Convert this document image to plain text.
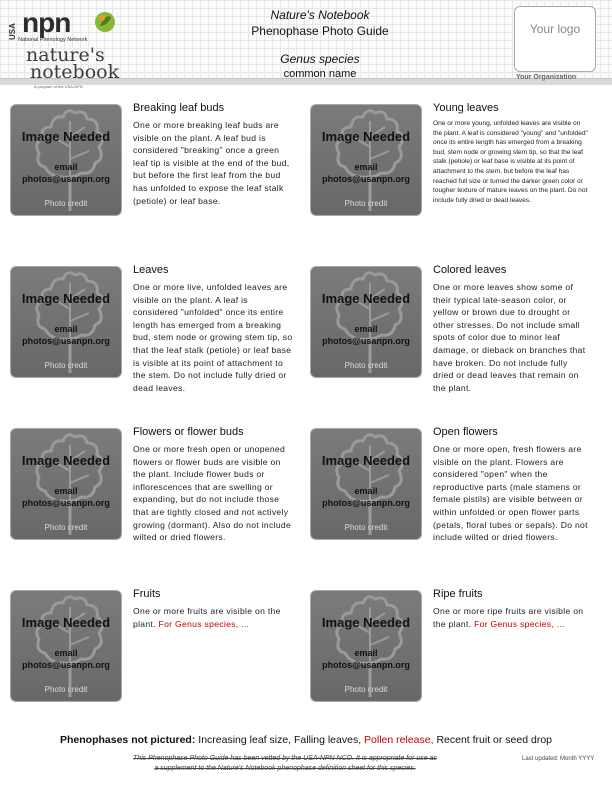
USA npn
National Phenology Network
nature's
notebook
A program of the USA-NPN
Nature's Notebook
Phenophase Photo Guide
Genus species
common name
Your logo
Your Organization
Image Needed
email
photos@usanpn.org
Photo credit
Breaking leaf buds
One or more breaking leaf buds are visible on the plant. A leaf bud is considered "breaking" once a green leaf tip is visible at the end of the bud, but before the first leaf from the bud has unfolded to expose the leaf stalk (petiole) or leaf base.
Image Needed
email
photos@usanpn.org
Photo credit
Young leaves
One or more young, unfolded leaves are visible on the plant. A leaf is considered "young" and "unfolded" once its entire length has emerged from a breaking bud, stem node or growing stem tip, so that the leaf stalk (petiole) or leaf base is visible at its point of attachment to the stem, but before the leaf has reached full size or turned the darker green color or tougher texture of mature leaves on the plant. Do not include fully dried or dead leaves.
Image Needed
email
photos@usanpn.org
Photo credit
Leaves
One or more live, unfolded leaves are visible on the plant. A leaf is considered "unfolded" once its entire length has emerged from a breaking bud, stem node or growing stem tip, so that the leaf stalk (petiole) or leaf base is visible at its point of attachment to the stem. Do not include fully dried or dead leaves.
Image Needed
email
photos@usanpn.org
Photo credit
Colored leaves
One or more leaves show some of their typical late-season color, or yellow or brown due to drought or other stresses. Do not include small spots of color due to minor leaf damage, or dieback on branches that have broken. Do not include fully dried or dead leaves that remain on the plant.
Image Needed
email
photos@usanpn.org
Photo credit
Flowers or flower buds
One or more fresh open or unopened flowers or flower buds are visible on the plant. Include flower buds or inflorescences that are swelling or expanding, but do not include those that are tightly closed and not actively growing (dormant). Also do not include wilted or dried flowers.
Image Needed
email
photos@usanpn.org
Photo credit
Open flowers
One or more open, fresh flowers are visible on the plant. Flowers are considered "open" when the reproductive parts (male stamens or female pistils) are visible between or within unfolded or open flower parts (petals, floral tubes or sepals). Do not include wilted or dried flowers.
Image Needed
email
photos@usanpn.org
Photo credit
Fruits
One or more fruits are visible on the plant. For Genus species, ...	Image Needed
email
photos@usanpn.org
Photo credit
Ripe fruits
One or more ripe fruits are visible on the plant. For Genus species, ...
Phenophases not pictured: Increasing leaf size, Falling leaves, Pollen release, Recent fruit or seed drop
This Phenophase Photo Guide has been vetted by the USA-NPN NCO. It is appropriate for use as
a supplement to the Nature's Notebook phenophase definition sheet for this species.
Last updated: Month YYYY
